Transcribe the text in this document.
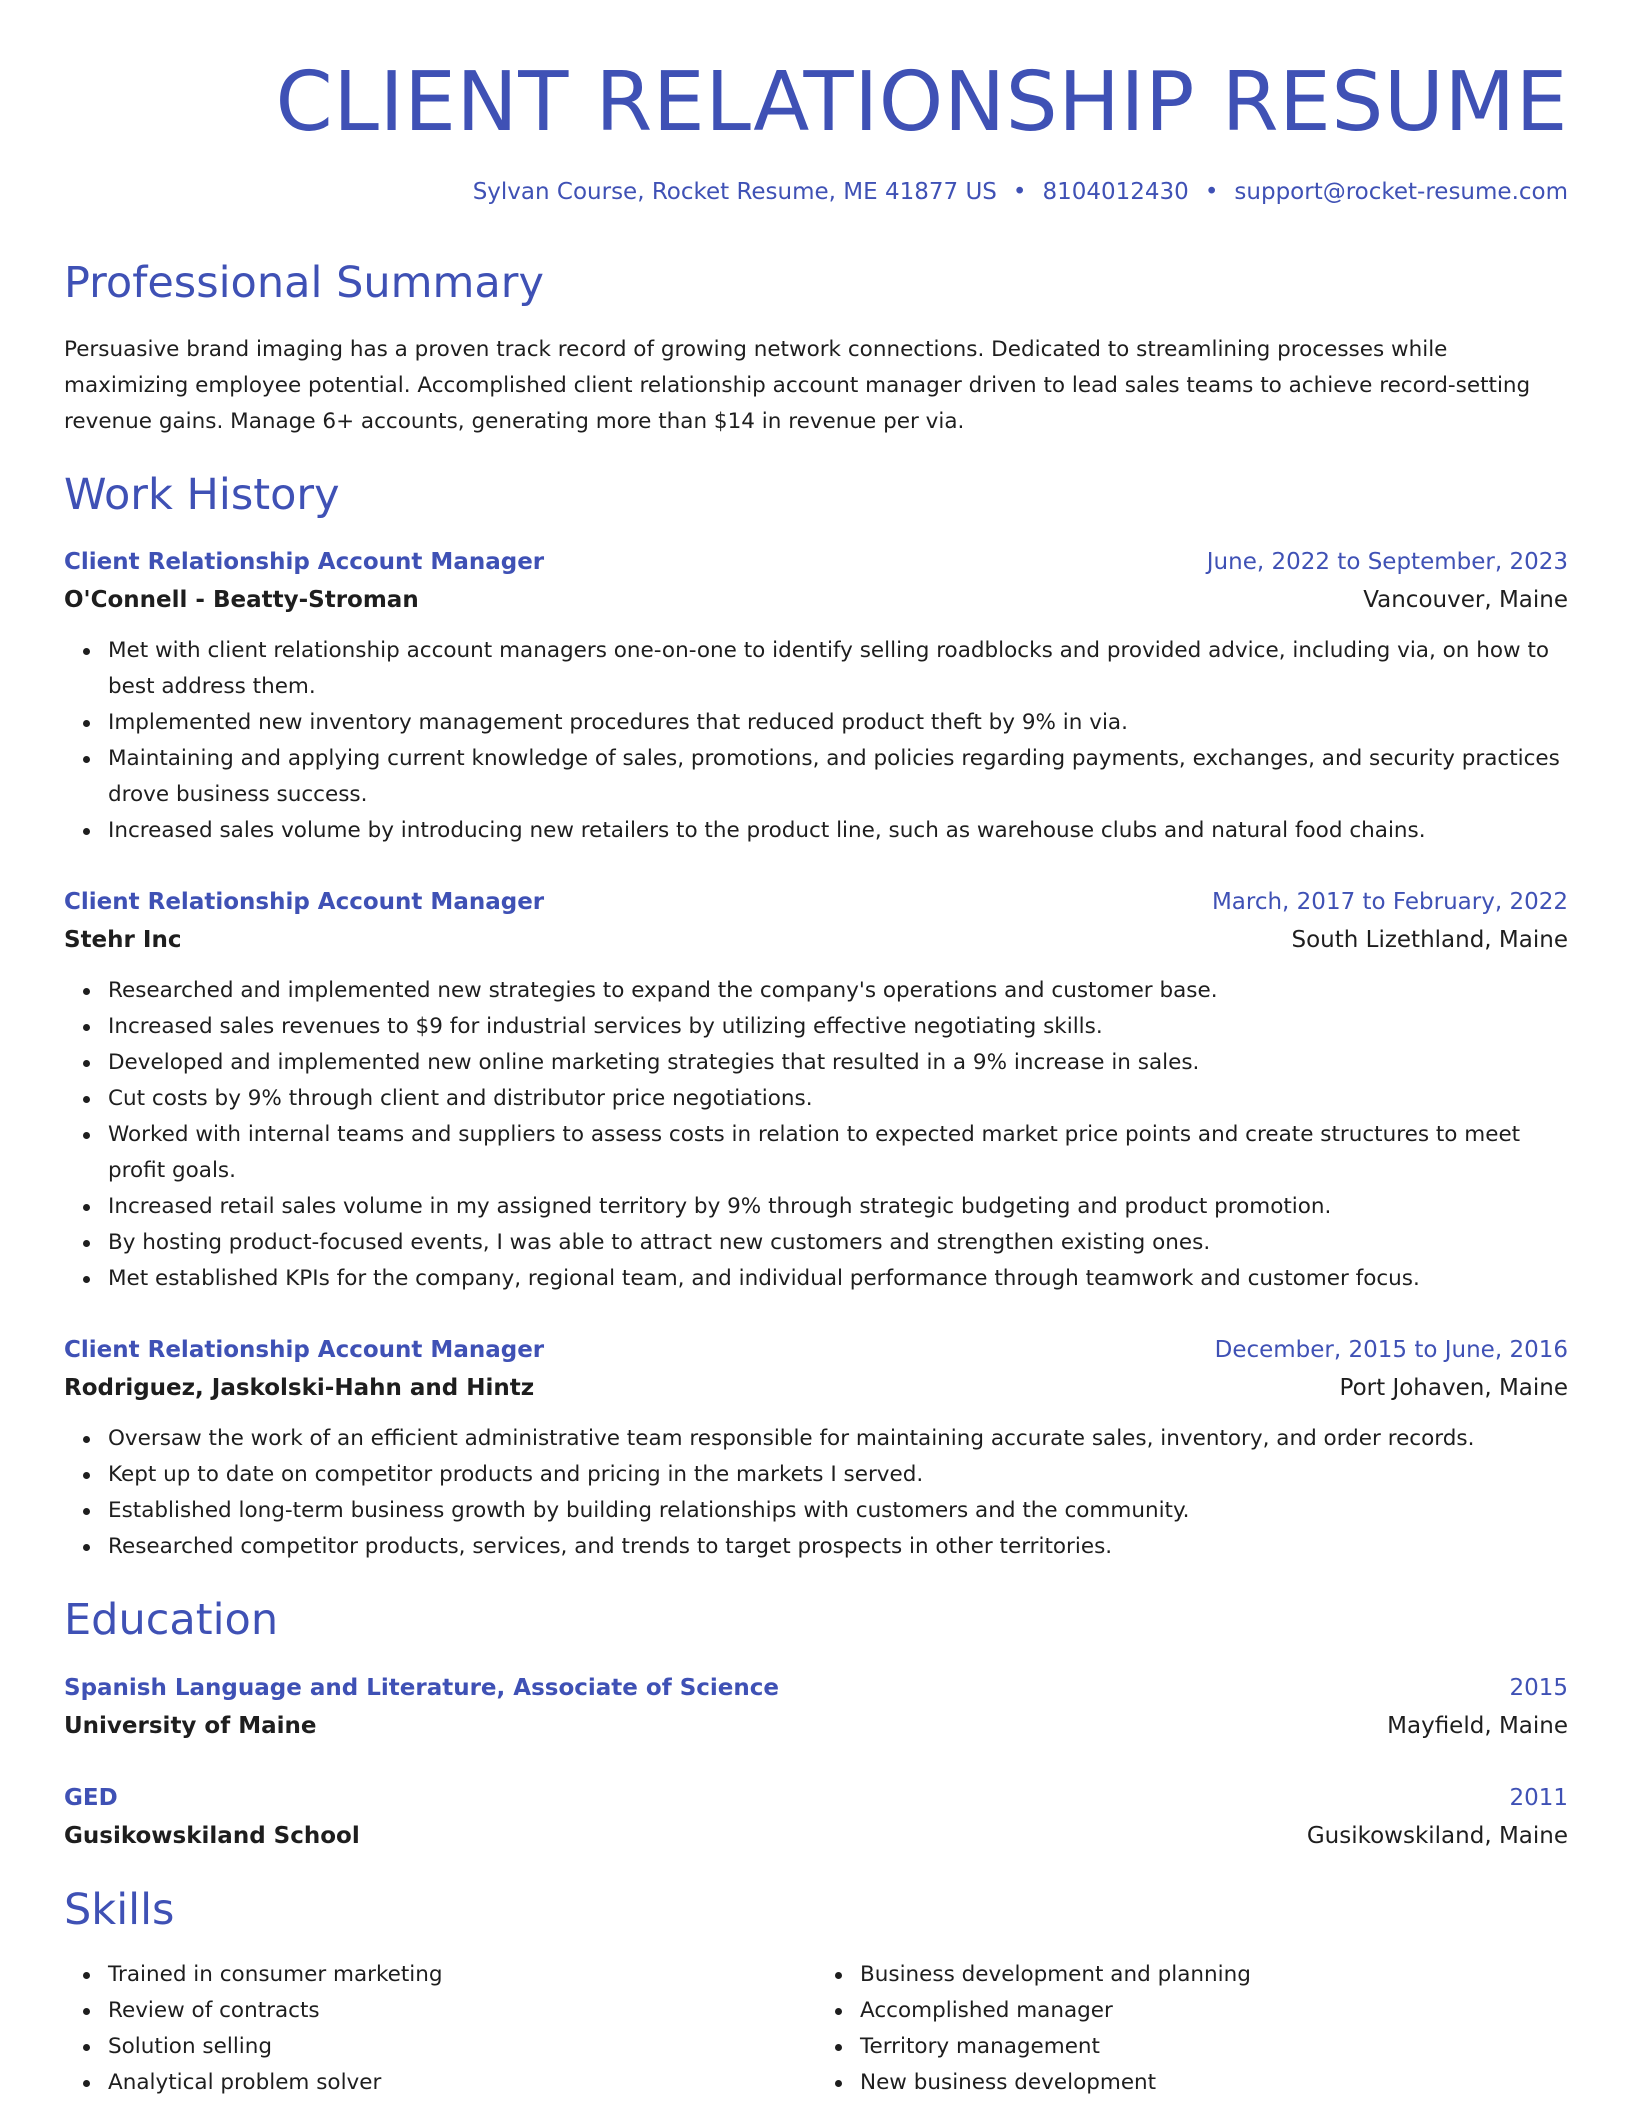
CLIENT RELATIONSHIP RESUME
Sylvan Course, Rocket Resume, ME 41877 US • 8104012430 • support@rocket-resume.com
Professional Summary
Persuasive brand imaging has a proven track record of growing network connections. Dedicated to streamlining processes while maximizing employee potential. Accomplished client relationship account manager driven to lead sales teams to achieve record-setting revenue gains. Manage 6+ accounts, generating more than $14 in revenue per via.
Work History
Client Relationship Account Manager	June, 2022 to September, 2023
O'Connell - Beatty-Stroman	Vancouver, Maine
Met with client relationship account managers one-on-one to identify selling roadblocks and provided advice, including via, on how to best address them.
Implemented new inventory management procedures that reduced product theft by 9% in via.
Maintaining and applying current knowledge of sales, promotions, and policies regarding payments, exchanges, and security practices drove business success.
Increased sales volume by introducing new retailers to the product line, such as warehouse clubs and natural food chains.
Client Relationship Account Manager	March, 2017 to February, 2022
Stehr Inc	South Lizethland, Maine
Researched and implemented new strategies to expand the company's operations and customer base.
Increased sales revenues to $9 for industrial services by utilizing effective negotiating skills.
Developed and implemented new online marketing strategies that resulted in a 9% increase in sales.
Cut costs by 9% through client and distributor price negotiations.
Worked with internal teams and suppliers to assess costs in relation to expected market price points and create structures to meet profit goals.
Increased retail sales volume in my assigned territory by 9% through strategic budgeting and product promotion.
By hosting product-focused events, I was able to attract new customers and strengthen existing ones.
Met established KPIs for the company, regional team, and individual performance through teamwork and customer focus.
Client Relationship Account Manager	December, 2015 to June, 2016
Rodriguez, Jaskolski-Hahn and Hintz	Port Johaven, Maine
Oversaw the work of an efficient administrative team responsible for maintaining accurate sales, inventory, and order records.
Kept up to date on competitor products and pricing in the markets I served.
Established long-term business growth by building relationships with customers and the community.
Researched competitor products, services, and trends to target prospects in other territories.
Education
Spanish Language and Literature, Associate of Science	2015
University of Maine	Mayfield, Maine
GED	2011
Gusikowskiland School	Gusikowskiland, Maine
Skills
Trained in consumer marketing
Review of contracts
Solution selling
Analytical problem solver
Business development and planning
Accomplished manager
Territory management
New business development
